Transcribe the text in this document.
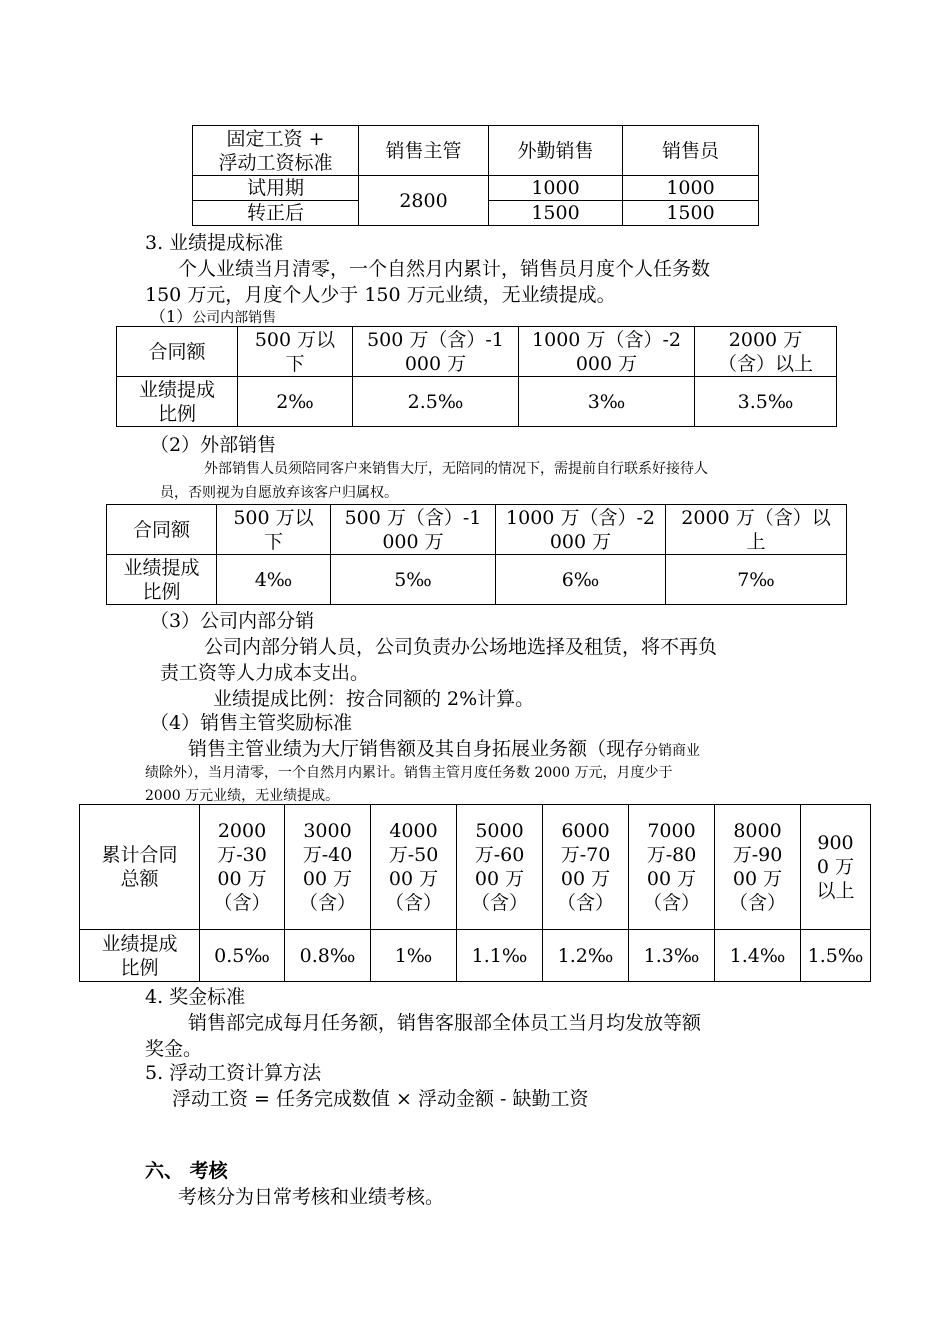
固定工资 +
浮动工资标准	销售主管	外勤销售	销售员
试用期	2800	1000	1000
转正后		1500	1500
3. 业绩提成标准
个人业绩当月清零，一个自然月内累计，销售员月度个人任务数
150 万元，月度个人少于 150 万元业绩，无业绩提成。
（1）公司内部销售
合同额	500 万以下	500 万（含）-1000 万	1000 万（含）-2000 万	2000 万（含）以上
业绩提成比例	2‰	2.5‰	3‰	3.5‰
（2）外部销售
外部销售人员须陪同客户来销售大厅，无陪同的情况下，需提前自行联系好接待人
员，否则视为自愿放弃该客户归属权。
合同额	500 万以下	500 万（含）-1000 万	1000 万（含）-2000 万	2000 万（含）以上
业绩提成比例	4‰	5‰	6‰	7‰
（3）公司内部分销
公司内部分销人员，公司负责办公场地选择及租赁，将不再负
责工资等人力成本支出。
业绩提成比例：按合同额的 2%计算。
（4）销售主管奖励标准
销售主管业绩为大厅销售额及其自身拓展业务额（现存分销商业
绩除外），当月清零，一个自然月内累计。销售主管月度任务数 2000 万元，月度少于
2000 万元业绩，无业绩提成。
累计合同总额	2000 万-3000 万（含）	3000 万-4000 万（含）	4000 万-5000 万（含）	5000 万-6000 万（含）	6000 万-7000 万（含）	7000 万-8000 万（含）	8000 万-9000 万（含）	9000 万以上
业绩提成比例	0.5‰	0.8‰	1‰	1.1‰	1.2‰	1.3‰	1.4‰	1.5‰
4. 奖金标准
销售部完成每月任务额，销售客服部全体员工当月均发放等额
奖金。
5. 浮动工资计算方法
浮动工资 = 任务完成数值 × 浮动金额 - 缺勤工资
六、 考核
考核分为日常考核和业绩考核。
